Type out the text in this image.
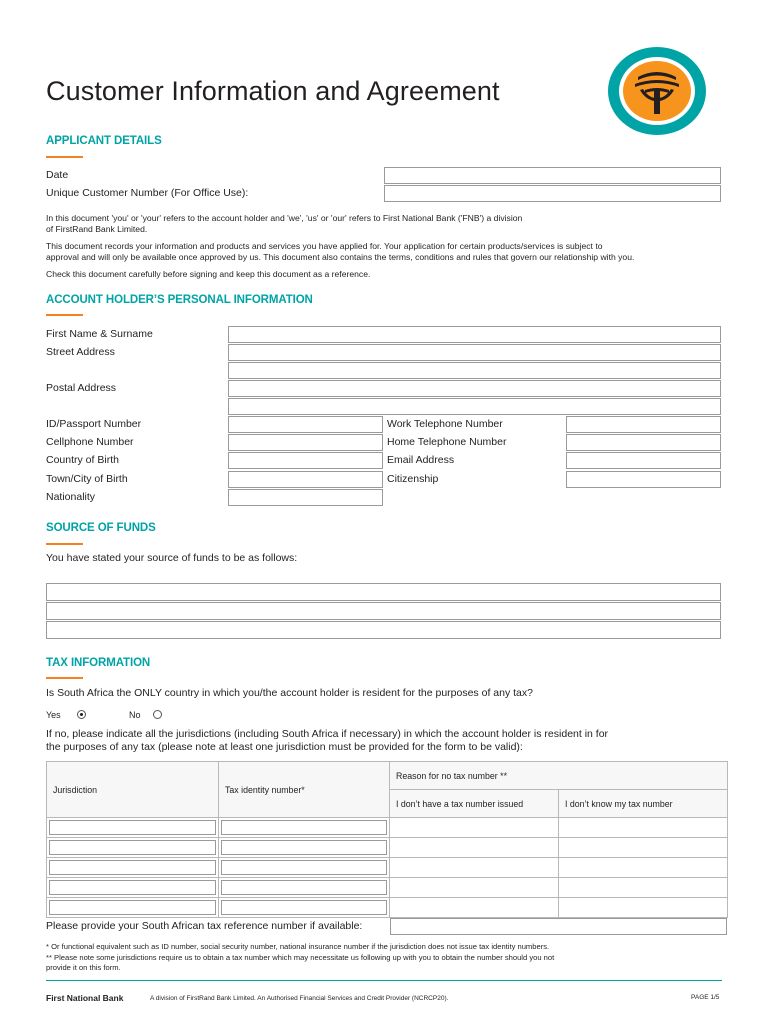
Customer Information and Agreement
APPLICANT DETAILS
Date
Unique Customer Number (For Office Use):
In this document 'you' or 'your' refers to the account holder and 'we', 'us' or 'our' refers to First National Bank ('FNB') a division
of FirstRand Bank Limited.
This document records your information and products and services you have applied for. Your application for certain products/services is subject to
approval and will only be available once approved by us. This document also contains the terms, conditions and rules that govern our relationship with you.
Check this document carefully before signing and keep this document as a reference.
ACCOUNT HOLDER’S PERSONAL INFORMATION
First Name & Surname
Street Address
Postal Address
ID/Passport Number	Work Telephone Number
Cellphone Number	Home Telephone Number
Country of Birth	Email Address
Town/City of Birth	Citizenship
Nationality
SOURCE OF FUNDS
You have stated your source of funds to be as follows:
TAX INFORMATION
Is South Africa the ONLY country in which you/the account holder is resident for the purposes of any tax?
Yes	No
If no, please indicate all the jurisdictions (including South Africa if necessary) in which the account holder is resident in for
the purposes of any tax (please note at least one jurisdiction must be provided for the form to be valid):
Jurisdiction	Tax identity number*	Reason for no tax number **	
		I don’t have a tax number issued	I don’t know my tax number

Please provide your South African tax reference number if available:
* Or functional equivalent such as ID number, social security number, national insurance number if the jurisdiction does not issue tax identity numbers.
** Please note some jurisdictions require us to obtain a tax number which may necessitate us following up with you to obtain the number should you not
provide it on this form.
First National Bank	A division of FirstRand Bank Limited. An Authorised Financial Services and Credit Provider (NCRCP20).	PAGE 1/5
